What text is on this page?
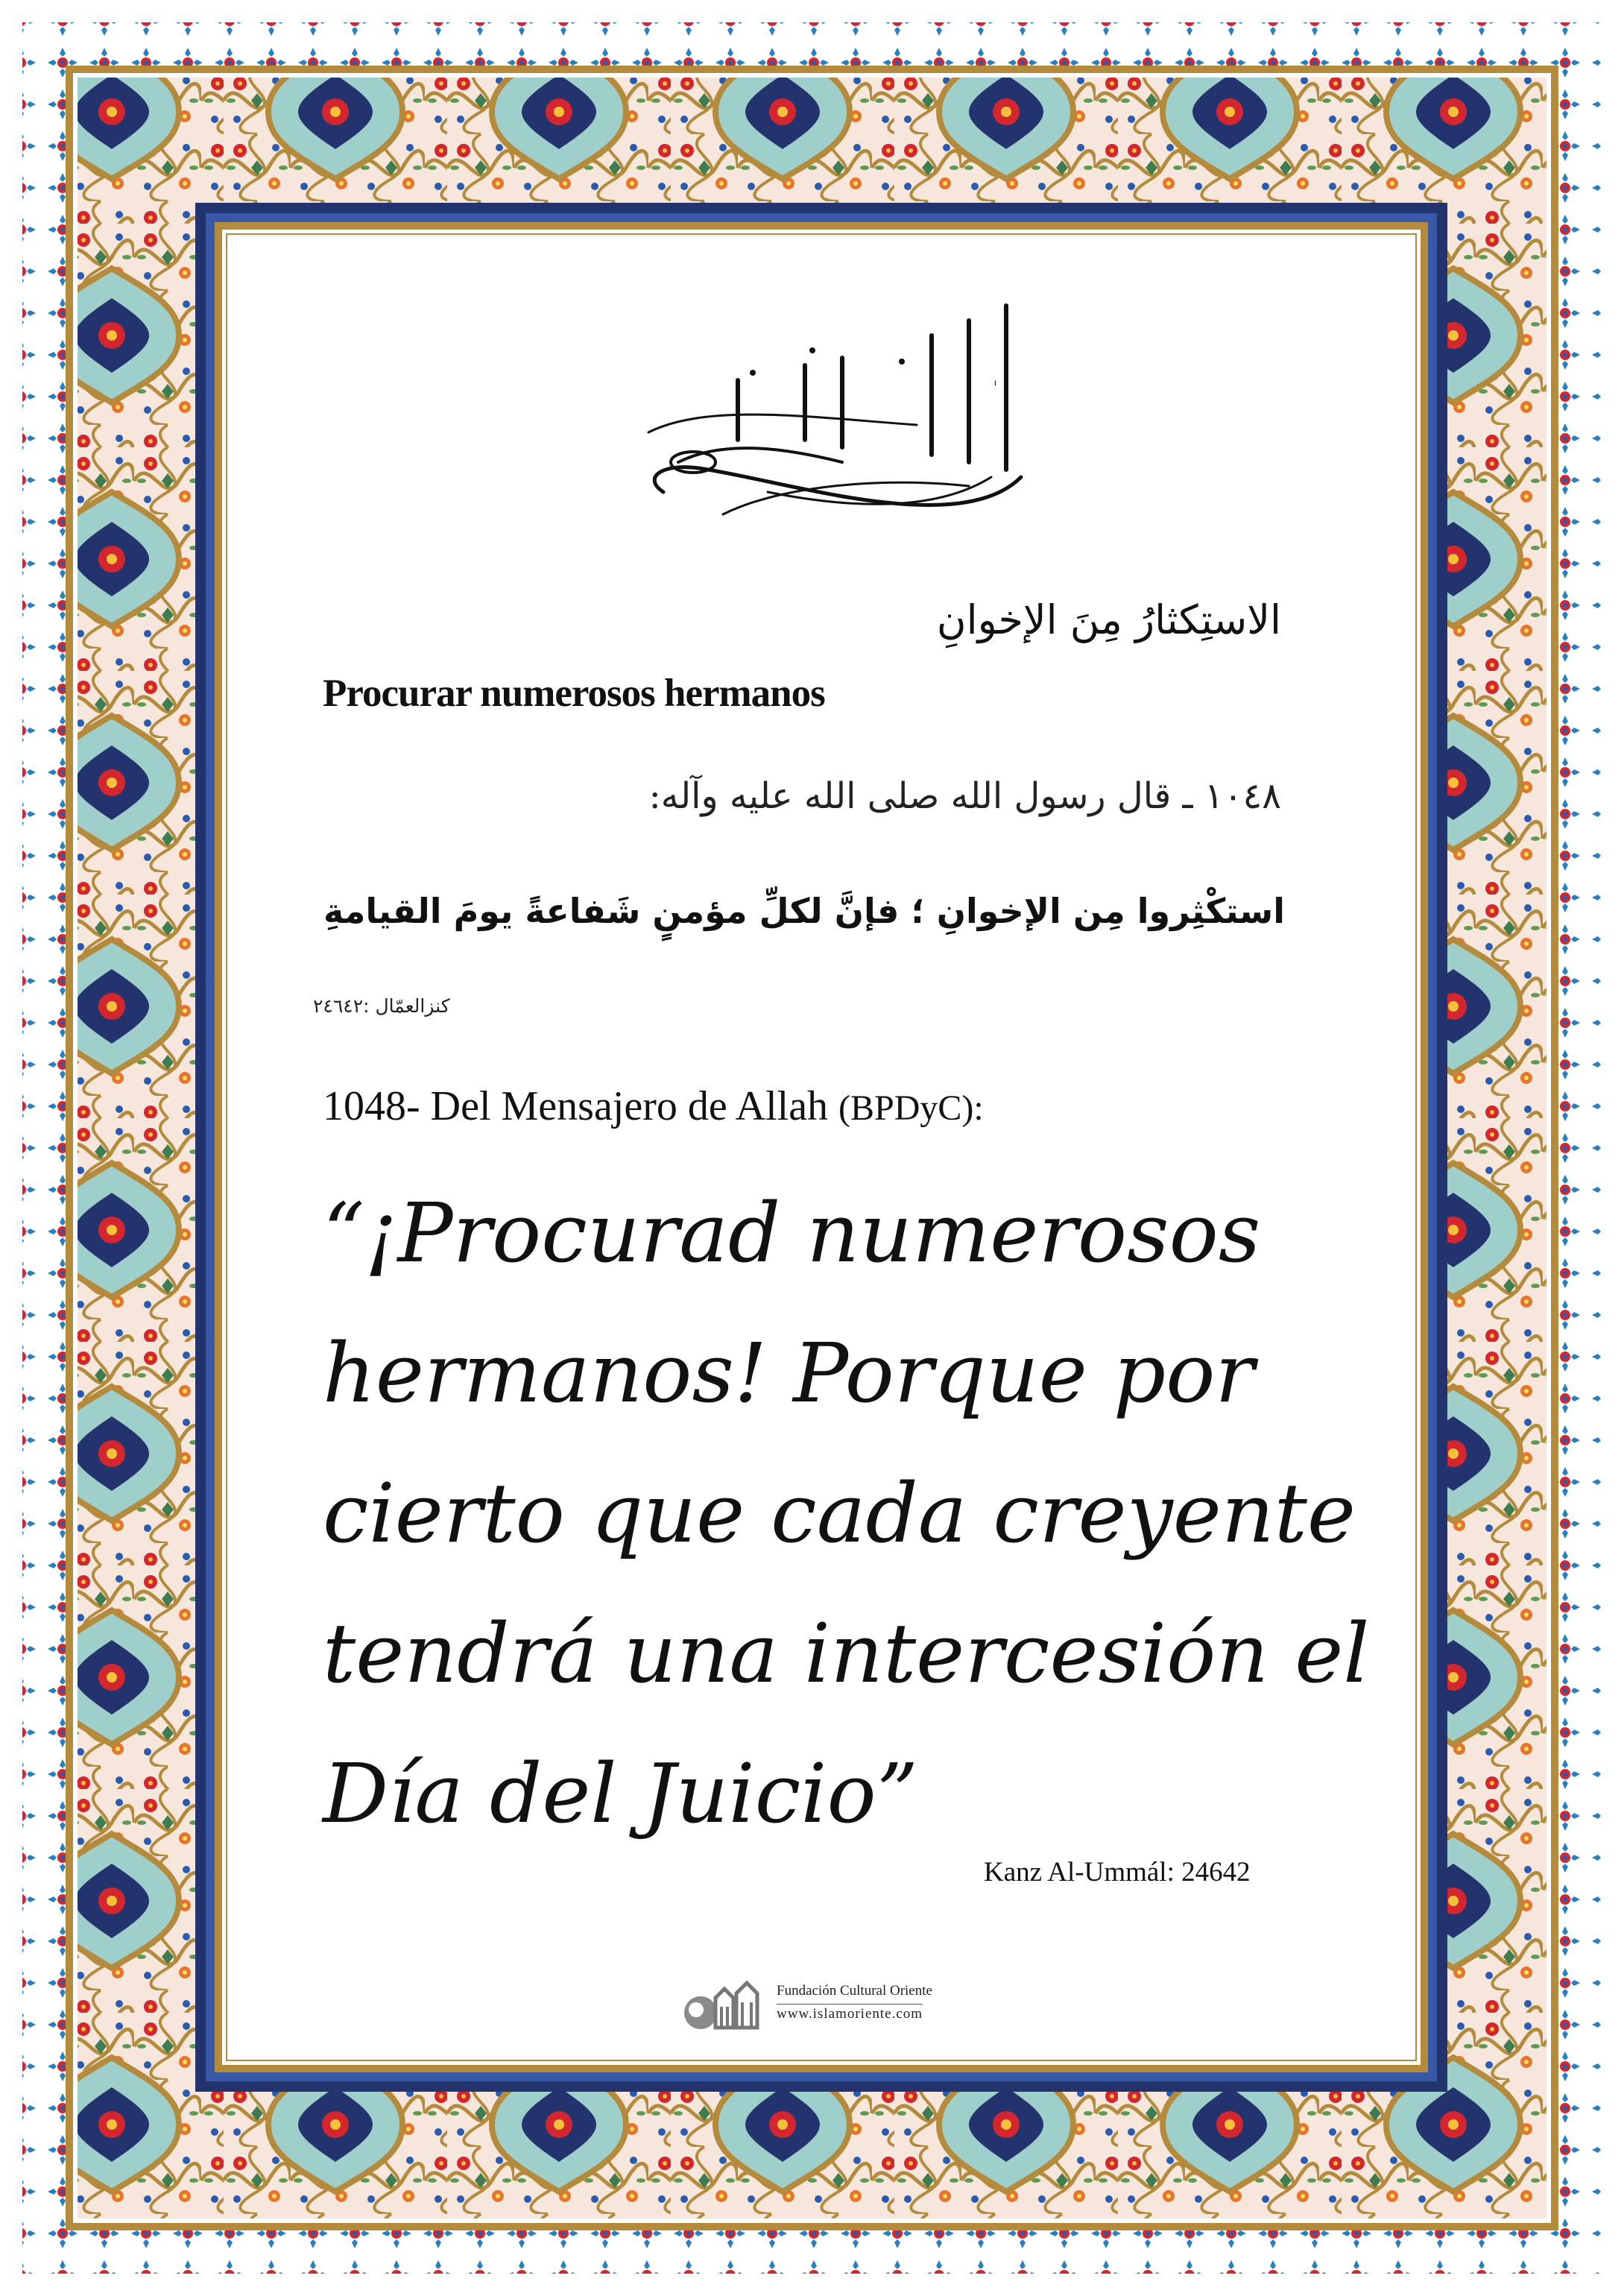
بسم الله الرحمن الرحيم
الاستِكثارُ مِنَ الإخوانِ
Procurar numerosos hermanos
١٠٤٨ ـ قال رسول الله صلى الله عليه وآله:
استكْثِروا مِن الإخوانِ ؛ فإنَّ لكلِّ مؤمنٍ شَفاعةً يومَ القيامةِ
كنزالعمّال :٢٤٦٤٢
1048- Del Mensajero de Allah (BPDyC):
“¡Procurad numerosos
hermanos! Porque por
cierto que cada creyente
tendrá una intercesión el
Día del Juicio”
Kanz Al-Ummál: 24642
Fundación Cultural Oriente
www.islamoriente.com
